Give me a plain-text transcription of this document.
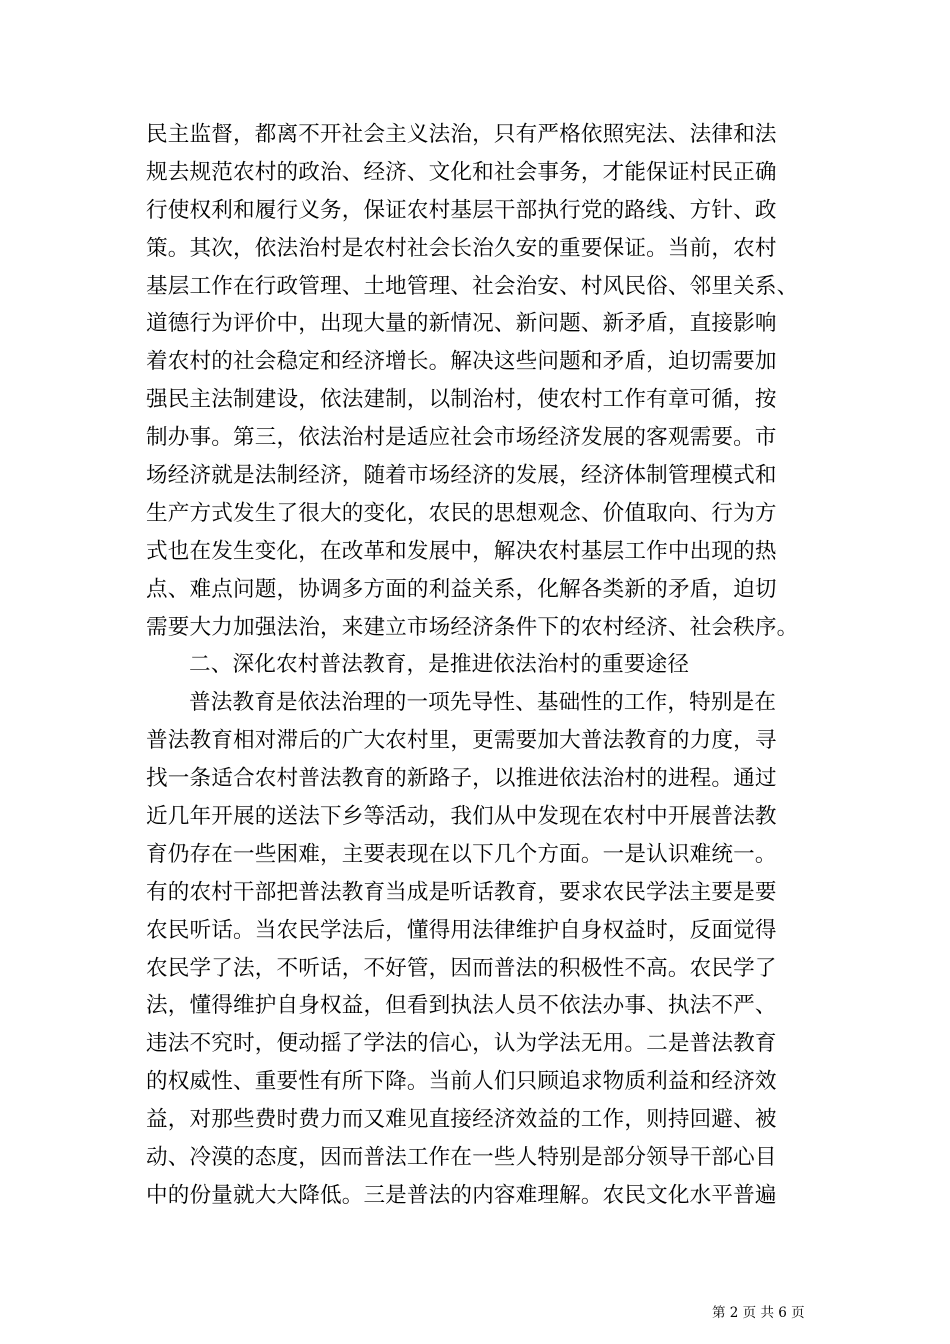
民主监督，都离不开社会主义法治，只有严格依照宪法、法律和法
规去规范农村的政治、经济、文化和社会事务，才能保证村民正确
行使权利和履行义务，保证农村基层干部执行党的路线、方针、政
策。其次，依法治村是农村社会长治久安的重要保证。当前，农村
基层工作在行政管理、土地管理、社会治安、村风民俗、邻里关系、
道德行为评价中，出现大量的新情况、新问题、新矛盾，直接影响
着农村的社会稳定和经济增长。解决这些问题和矛盾，迫切需要加
强民主法制建设，依法建制，以制治村，使农村工作有章可循，按
制办事。第三，依法治村是适应社会市场经济发展的客观需要。市
场经济就是法制经济，随着市场经济的发展，经济体制管理模式和
生产方式发生了很大的变化，农民的思想观念、价值取向、行为方
式也在发生变化，在改革和发展中，解决农村基层工作中出现的热
点、难点问题，协调多方面的利益关系，化解各类新的矛盾，迫切
需要大力加强法治，来建立市场经济条件下的农村经济、社会秩序。
二、深化农村普法教育，是推进依法治村的重要途径
普法教育是依法治理的一项先导性、基础性的工作，特别是在
普法教育相对滞后的广大农村里，更需要加大普法教育的力度，寻
找一条适合农村普法教育的新路子，以推进依法治村的进程。通过
近几年开展的送法下乡等活动，我们从中发现在农村中开展普法教
育仍存在一些困难，主要表现在以下几个方面。一是认识难统一。
有的农村干部把普法教育当成是听话教育，要求农民学法主要是要
农民听话。当农民学法后，懂得用法律维护自身权益时，反面觉得
农民学了法，不听话，不好管，因而普法的积极性不高。农民学了
法，懂得维护自身权益，但看到执法人员不依法办事、执法不严、
违法不究时，便动摇了学法的信心，认为学法无用。二是普法教育
的权威性、重要性有所下降。当前人们只顾追求物质利益和经济效
益，对那些费时费力而又难见直接经济效益的工作，则持回避、被
动、冷漠的态度，因而普法工作在一些人特别是部分领导干部心目
中的份量就大大降低。三是普法的内容难理解。农民文化水平普遍
第 2 页 共 6 页
